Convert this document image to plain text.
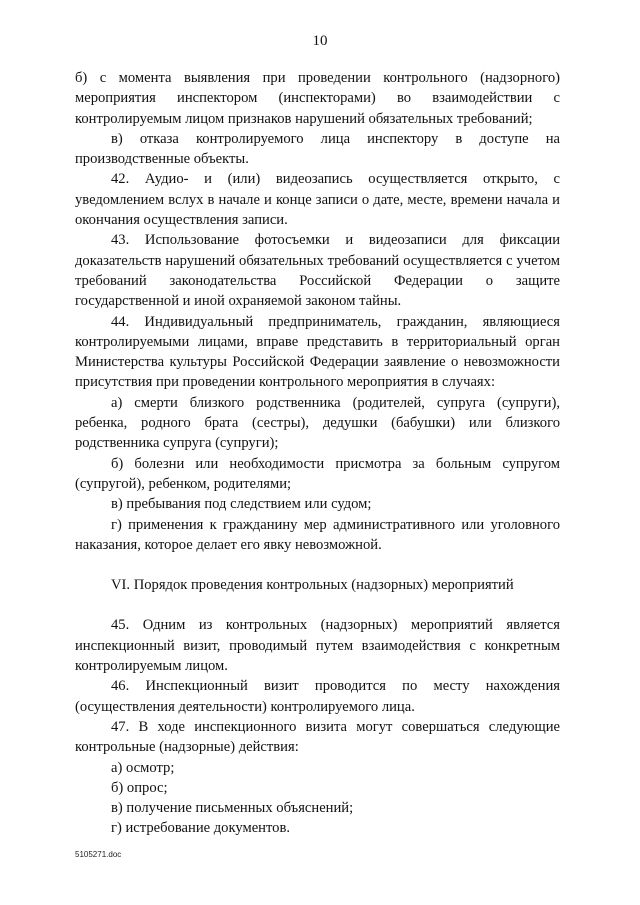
10

б) с момента выявления при проведении контрольного (надзорного) мероприятия инспектором (инспекторами) во взаимодействии с контролируемым лицом признаков нарушений обязательных требований;

в) отказа контролируемого лица инспектору в доступе на производственные объекты.

42. Аудио- и (или) видеозапись осуществляется открыто, с уведомлением вслух в начале и конце записи о дате, месте, времени начала и окончания осуществления записи.

43. Использование фотосъемки и видеозаписи для фиксации доказательств нарушений обязательных требований осуществляется с учетом требований законодательства Российской Федерации о защите государственной и иной охраняемой законом тайны.

44. Индивидуальный предприниматель, гражданин, являющиеся контролируемыми лицами, вправе представить в территориальный орган Министерства культуры Российской Федерации заявление о невозможности присутствия при проведении контрольного мероприятия в случаях:

а) смерти близкого родственника (родителей, супруга (супруги), ребенка, родного брата (сестры), дедушки (бабушки) или близкого родственника супруга (супруги);

б) болезни или необходимости присмотра за больным супругом (супругой), ребенком, родителями;

в) пребывания под следствием или судом;

г) применения к гражданину мер административного или уголовного наказания, которое делает его явку невозможной.

VI. Порядок проведения контрольных (надзорных) мероприятий

45. Одним из контрольных (надзорных) мероприятий является инспекционный визит, проводимый путем взаимодействия с конкретным контролируемым лицом.

46. Инспекционный визит проводится по месту нахождения (осуществления деятельности) контролируемого лица.

47. В ходе инспекционного визита могут совершаться следующие контрольные (надзорные) действия:

а) осмотр;

б) опрос;

в) получение письменных объяснений;

г) истребование документов.

5105271.doc
